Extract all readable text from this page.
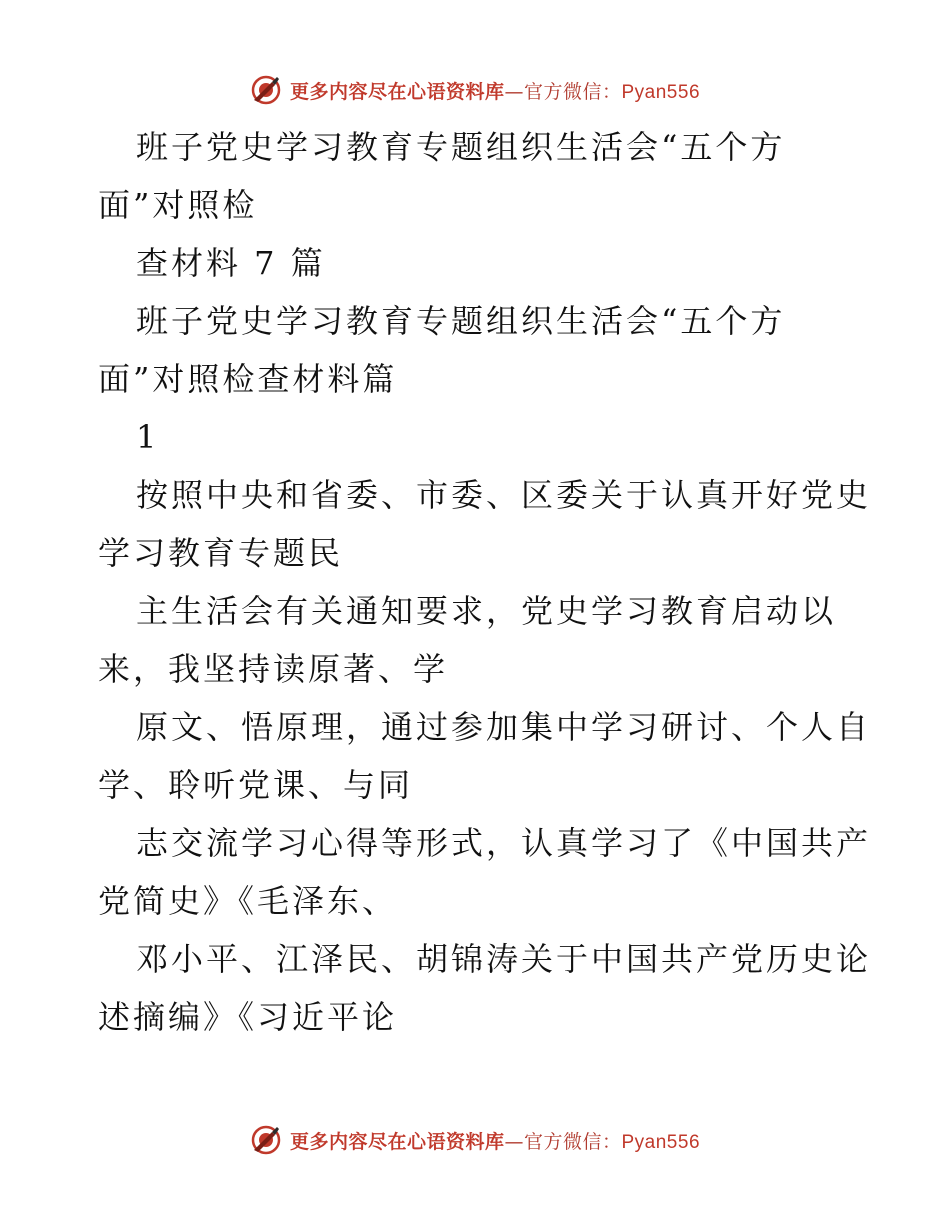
更多内容尽在心语资料库—官方微信：Pyan556
班子党史学习教育专题组织生活会“五个方
面”对照检
查材料 7 篇
班子党史学习教育专题组织生活会“五个方
面”对照检查材料篇
1
按照中央和省委、市委、区委关于认真开好党史
学习教育专题民
主生活会有关通知要求，党史学习教育启动以
来，我坚持读原著、学
原文、悟原理，通过参加集中学习研讨、个人自
学、聆听党课、与同
志交流学习心得等形式，认真学习了《中国共产
党简史》《毛泽东、
邓小平、江泽民、胡锦涛关于中国共产党历史论
述摘编》《习近平论
更多内容尽在心语资料库—官方微信：Pyan556
